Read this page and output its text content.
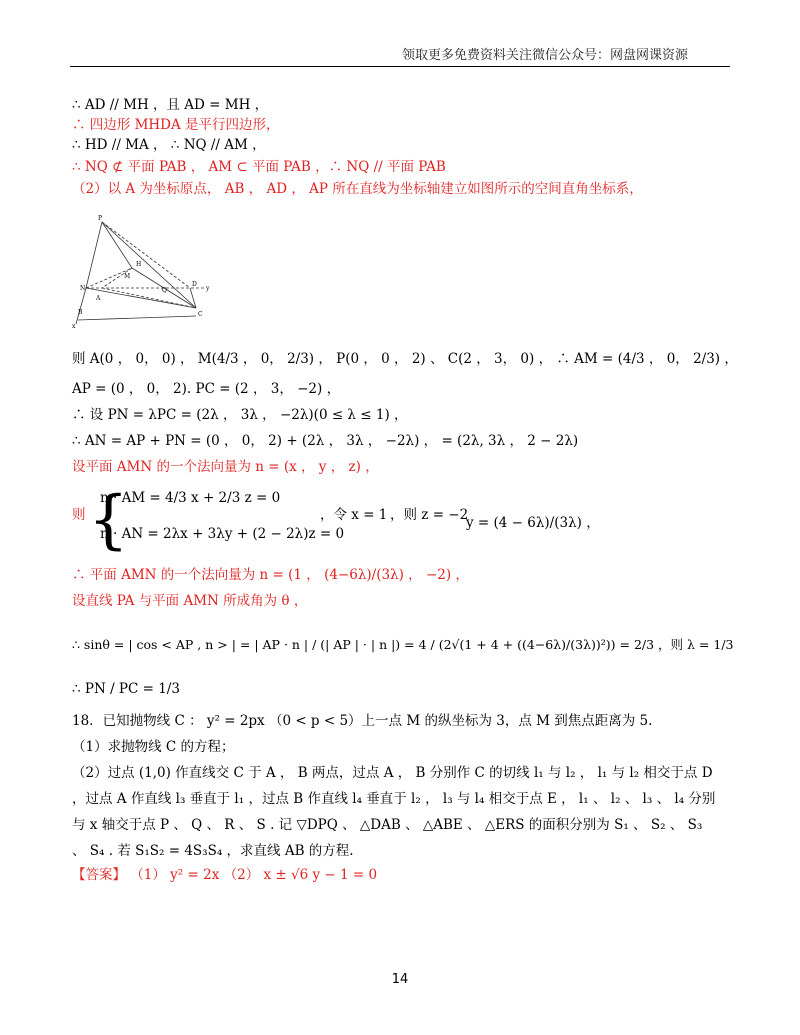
领取更多免费资料关注微信公众号：网盘网课资源
∴ AD // MH ，且 AD = MH ，
∴ 四边形 MHDA 是平行四边形，
∴ HD // MA ， ∴ NQ // AM ，
∴ NQ ⊄ 平面 PAB ， AM ⊂ 平面 PAB ，∴ NQ // 平面 PAB
（2）以 A 为坐标原点， AB ， AD ， AP 所在直线为坐标轴建立如图所示的空间直角坐标系，
P
H
N
D
y
x
C
A
M
Q
B
则 A(0 ， 0， 0) ， M(4/3 ， 0， 2/3) ， P(0 ， 0 ， 2) 、 C(2 ， 3， 0) ， ∴ AM = (4/3 ， 0， 2/3) ，
AP = (0 ， 0， 2). PC = (2 ， 3， −2) ，
∴ 设 PN = λPC = (2λ ， 3λ ， −2λ)(0 ≤ λ ≤ 1) ，
∴ AN = AP + PN = (0 ， 0， 2) + (2λ ， 3λ ， −2λ) ， = (2λ, 3λ ， 2 − 2λ)
设平面 AMN 的一个法向量为 n = (x ， y ， z) ，
则 {
n · AM = 4/3 x + 2/3 z = 0
n · AN = 2λx + 3λy + (2 − 2λ)z = 0
，令 x = 1 ，则 z = −2
y = (4 − 6λ)/(3λ) ，
∴ 平面 AMN 的一个法向量为 n = (1 ， (4−6λ)/(3λ) ， −2) ，
设直线 PA 与平面 AMN 所成角为 θ ，
∴ sinθ = | cos < AP , n > | = | AP · n | / (| AP | · | n |) = 4 / (2√(1 + 4 + ((4−6λ)/(3λ))²)) = 2/3 ，则 λ = 1/3
∴ PN / PC = 1/3
18．已知抛物线 C ： y² = 2px （0 < p < 5）上一点 M 的纵坐标为 3，点 M 到焦点距离为 5.
（1）求抛物线 C 的方程；
（2）过点 (1,0) 作直线交 C 于 A ， B 两点，过点 A ， B 分别作 C 的切线 l₁ 与 l₂ ， l₁ 与 l₂ 相交于点 D
，过点 A 作直线 l₃ 垂直于 l₁ ，过点 B 作直线 l₄ 垂直于 l₂ ， l₃ 与 l₄ 相交于点 E ， l₁ 、 l₂ 、 l₃ 、 l₄ 分别
与 x 轴交于点 P 、 Q 、 R 、 S . 记 ▽DPQ 、 △DAB 、 △ABE 、 △ERS 的面积分别为 S₁ 、 S₂ 、 S₃
、 S₄ . 若 S₁S₂ = 4S₃S₄ ，求直线 AB 的方程.
【答案】 （1） y² = 2x （2） x ± √6 y − 1 = 0
14
